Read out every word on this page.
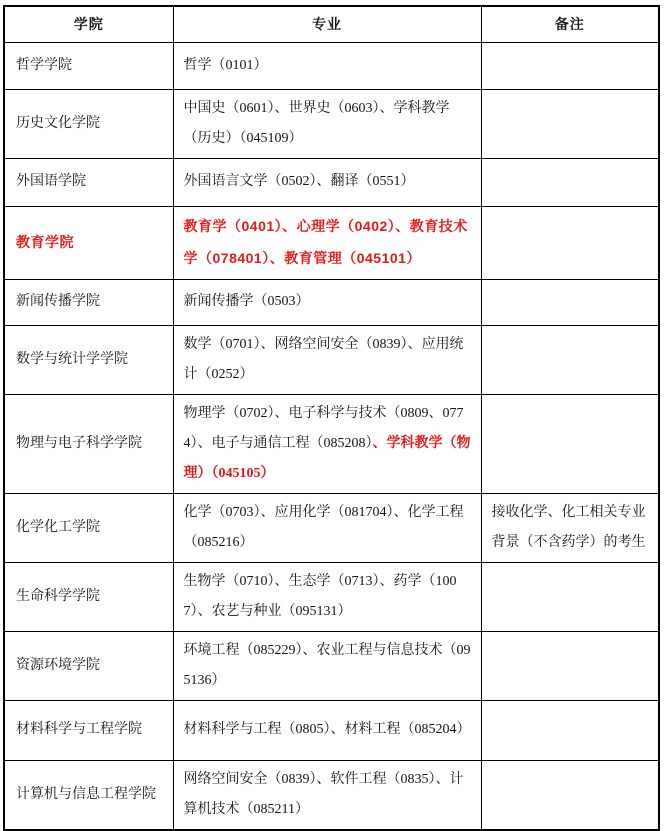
学院	专业	备注
哲学学院	哲学（0101）	
历史文化学院	中国史（0601）、世界史（0603）、学科教学（历史）（045109）	
外国语学院	外国语言文学（0502）、翻译（0551）	
教育学院	教育学（0401）、心理学（0402）、教育技术学（078401）、教育管理（045101）	
新闻传播学院	新闻传播学（0503）	
数学与统计学学院	数学（0701）、网络空间安全（0839）、应用统计（0252）	
物理与电子科学学院	物理学（0702）、电子科学与技术（0809、0774）、电子与通信工程（085208）、学科教学（物理）（045105）	
化学化工学院	化学（0703）、应用化学（081704）、化学工程（085216）	接收化学、化工相关专业背景（不含药学）的考生
生命科学学院	生物学（0710）、生态学（0713）、药学（1007）、农艺与种业（095131）	
资源环境学院	环境工程（085229）、农业工程与信息技术（095136）	
材料科学与工程学院	材料科学与工程（0805）、材料工程（085204）	
计算机与信息工程学院	网络空间安全（0839）、软件工程（0835）、计算机技术（085211）	
